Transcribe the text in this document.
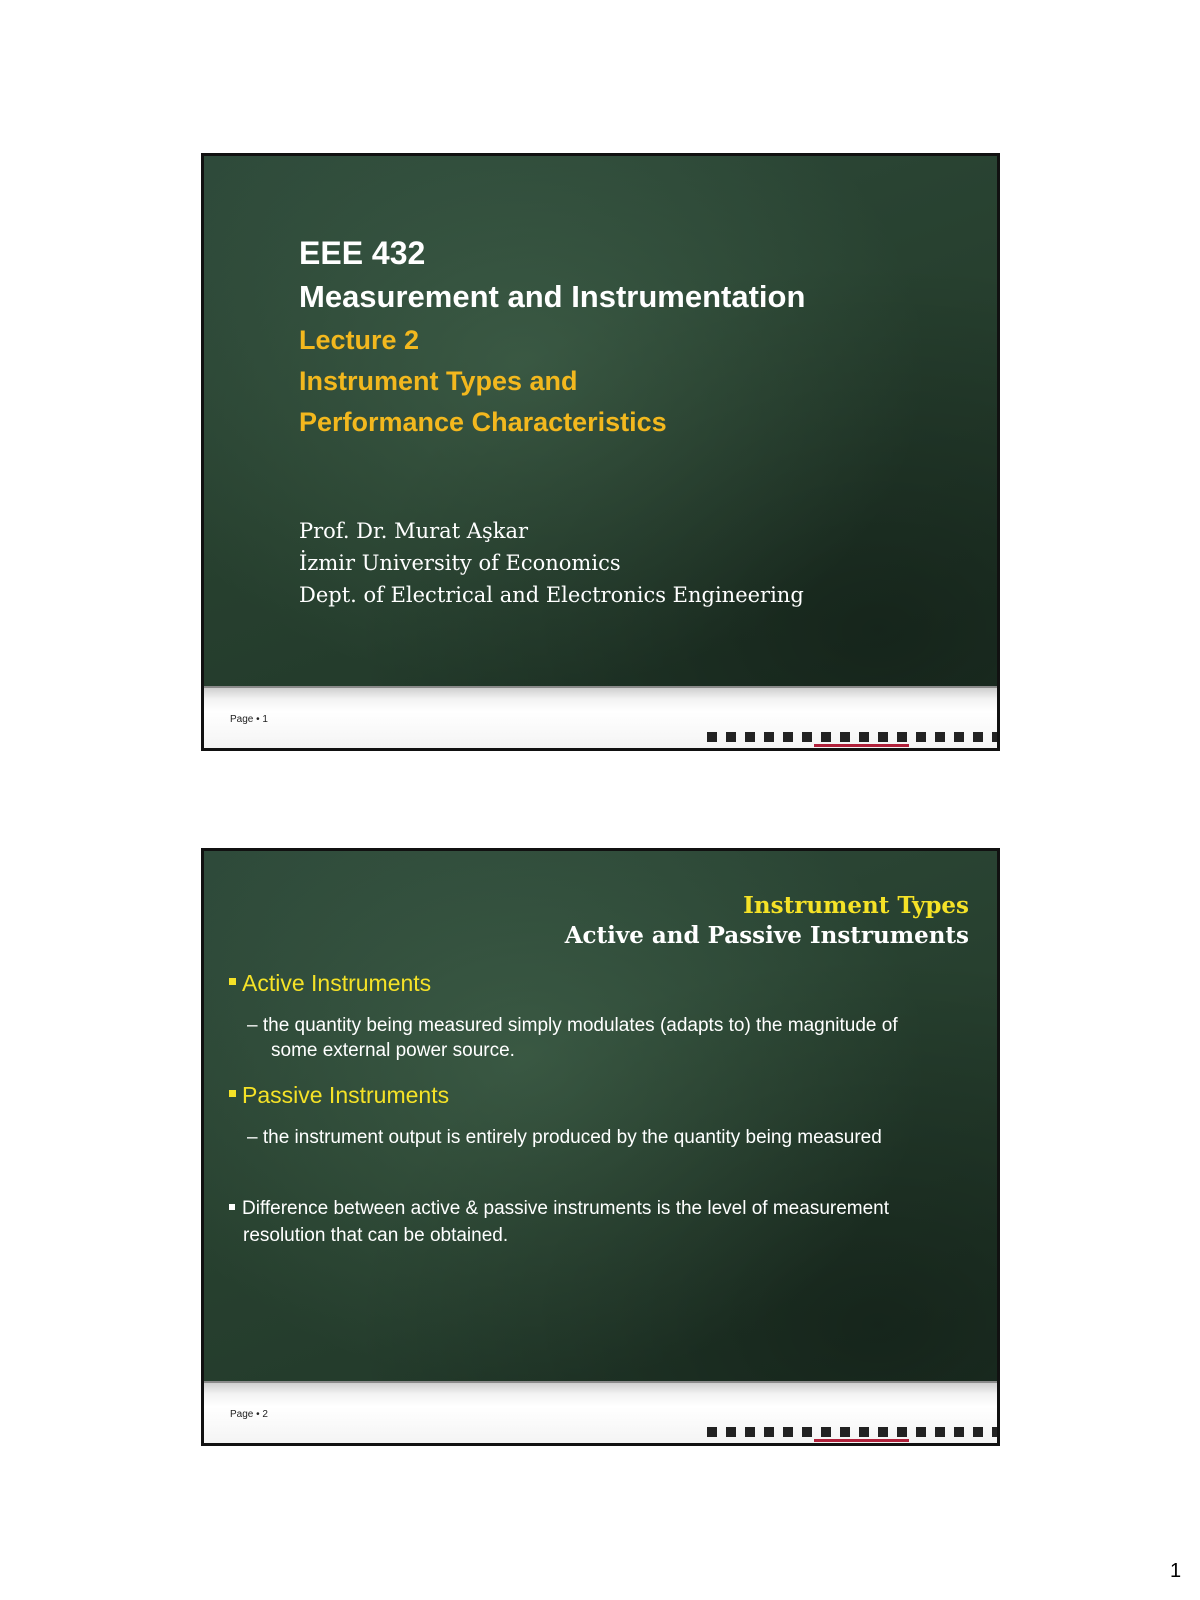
EEE 432
Measurement and Instrumentation
Lecture 2
Instrument Types and
Performance Characteristics
Prof. Dr. Murat Aşkar
İzmir University of Economics
Dept. of Electrical and Electronics Engineering
Page • 1
Instrument Types
Active and Passive Instruments
Active Instruments
– the quantity being measured simply modulates (adapts to) the magnitude of some external power source.
Passive Instruments
– the instrument output is entirely produced by the quantity being measured
Difference between active & passive instruments is the level of measurement resolution that can be obtained.
Page • 2
1
